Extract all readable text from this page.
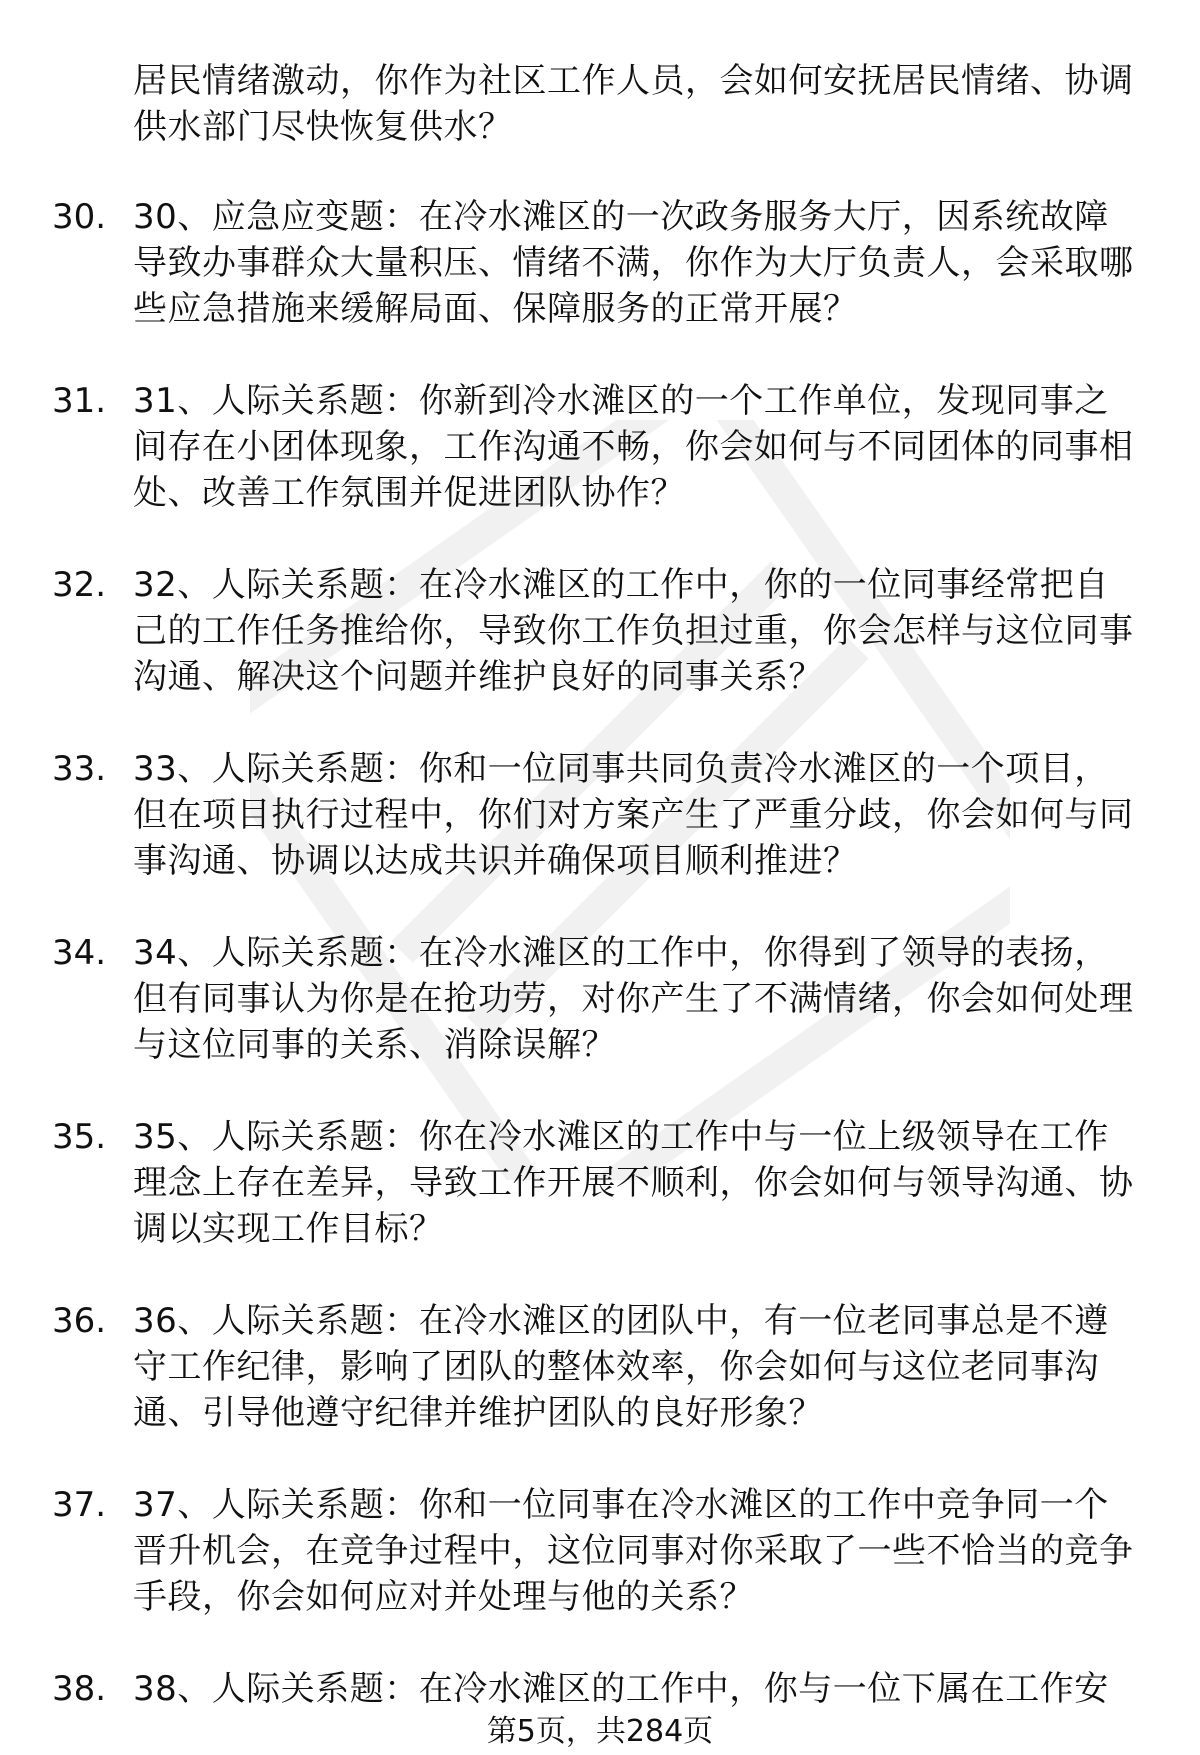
居民情绪激动，你作为社区工作人员，会如何安抚居民情绪、协调供水部门尽快恢复供水？
30. 30、应急应变题：在冷水滩区的一次政务服务大厅，因系统故障导致办事群众大量积压、情绪不满，你作为大厅负责人，会采取哪些应急措施来缓解局面、保障服务的正常开展？
31. 31、人际关系题：你新到冷水滩区的一个工作单位，发现同事之间存在小团体现象，工作沟通不畅，你会如何与不同团体的同事相处、改善工作氛围并促进团队协作？
32. 32、人际关系题：在冷水滩区的工作中，你的一位同事经常把自己的工作任务推给你，导致你工作负担过重，你会怎样与这位同事沟通、解决这个问题并维护良好的同事关系？
33. 33、人际关系题：你和一位同事共同负责冷水滩区的一个项目，但在项目执行过程中，你们对方案产生了严重分歧，你会如何与同事沟通、协调以达成共识并确保项目顺利推进？
34. 34、人际关系题：在冷水滩区的工作中，你得到了领导的表扬，但有同事认为你是在抢功劳，对你产生了不满情绪，你会如何处理与这位同事的关系、消除误解？
35. 35、人际关系题：你在冷水滩区的工作中与一位上级领导在工作理念上存在差异，导致工作开展不顺利，你会如何与领导沟通、协调以实现工作目标？
36. 36、人际关系题：在冷水滩区的团队中，有一位老同事总是不遵守工作纪律，影响了团队的整体效率，你会如何与这位老同事沟通、引导他遵守纪律并维护团队的良好形象？
37. 37、人际关系题：你和一位同事在冷水滩区的工作中竞争同一个晋升机会，在竞争过程中，这位同事对你采取了一些不恰当的竞争手段，你会如何应对并处理与他的关系？
38. 38、人际关系题：在冷水滩区的工作中，你与一位下属在工作安
第5页，共284页
